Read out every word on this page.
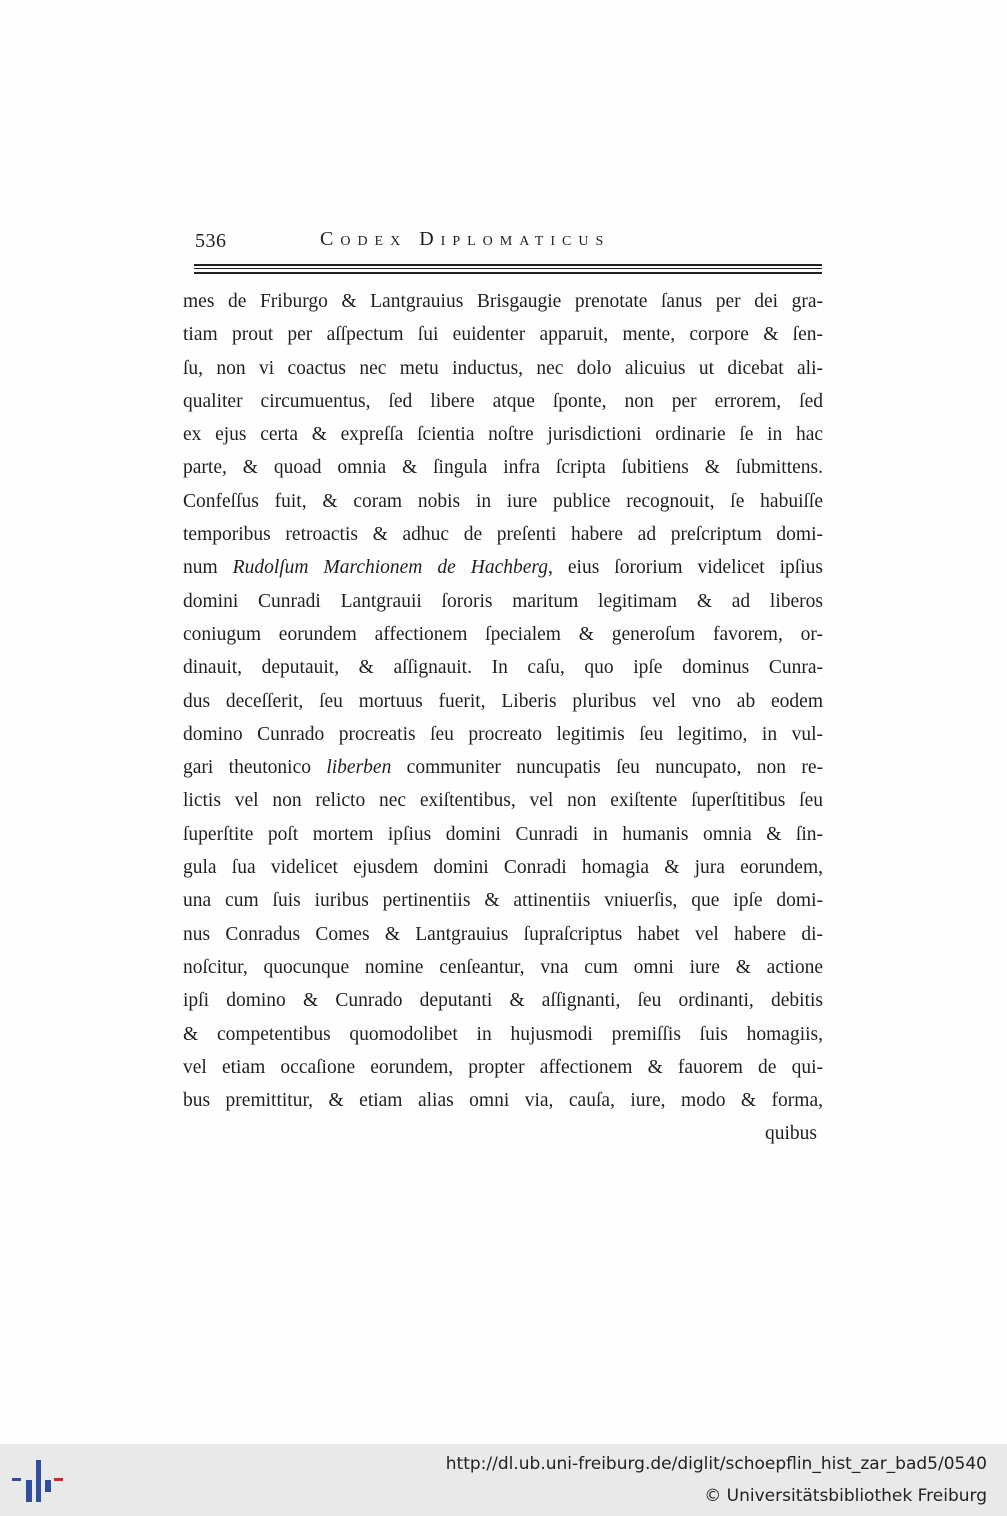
536	Codex Diplomaticus
mes de Friburgo & Lantgrauius Brisgaugie prenotate ſanus per dei gra-
tiam prout per aſſpectum ſui euidenter apparuit, mente, corpore & ſen-
ſu, non vi coactus nec metu inductus, nec dolo alicuius ut dicebat ali-
qualiter circumuentus, ſed libere atque ſponte, non per errorem, ſed
ex ejus certa & expreſſa ſcientia noſtre jurisdictioni ordinarie ſe in hac
parte, & quoad omnia & ſingula infra ſcripta ſubitiens & ſubmittens.
Confeſſus fuit, & coram nobis in iure publice recognouit, ſe habuiſſe
temporibus retroactis & adhuc de preſenti habere ad preſcriptum domi-
num Rudolſum Marchionem de Hachberg, eius ſororium videlicet ipſius
domini Cunradi Lantgrauii ſororis maritum legitimam & ad liberos
coniugum eorundem affectionem ſpecialem & generoſum favorem, or-
dinauit, deputauit, & aſſignauit. In caſu, quo ipſe dominus Cunra-
dus deceſſerit, ſeu mortuus fuerit, Liberis pluribus vel vno ab eodem
domino Cunrado procreatis ſeu procreato legitimis ſeu legitimo, in vul-
gari theutonico liberben communiter nuncupatis ſeu nuncupato, non re-
lictis vel non relicto nec exiſtentibus, vel non exiſtente ſuperſtitibus ſeu
ſuperſtite poſt mortem ipſius domini Cunradi in humanis omnia & ſin-
gula ſua videlicet ejusdem domini Conradi homagia & jura eorundem,
una cum ſuis iuribus pertinentiis & attinentiis vniuerſis, que ipſe domi-
nus Conradus Comes & Lantgrauius ſupraſcriptus habet vel habere di-
noſcitur, quocunque nomine cenſeantur, vna cum omni iure & actione
ipſi domino & Cunrado deputanti & aſſignanti, ſeu ordinanti, debitis
& competentibus quomodolibet in hujusmodi premiſſis ſuis homagiis,
vel etiam occaſione eorundem, propter affectionem & fauorem de qui-
bus premittitur, & etiam alias omni via, cauſa, iure, modo & forma,
quibus
http://dl.ub.uni-freiburg.de/diglit/schoepflin_hist_zar_bad5/0540
© Universitätsbibliothek Freiburg
